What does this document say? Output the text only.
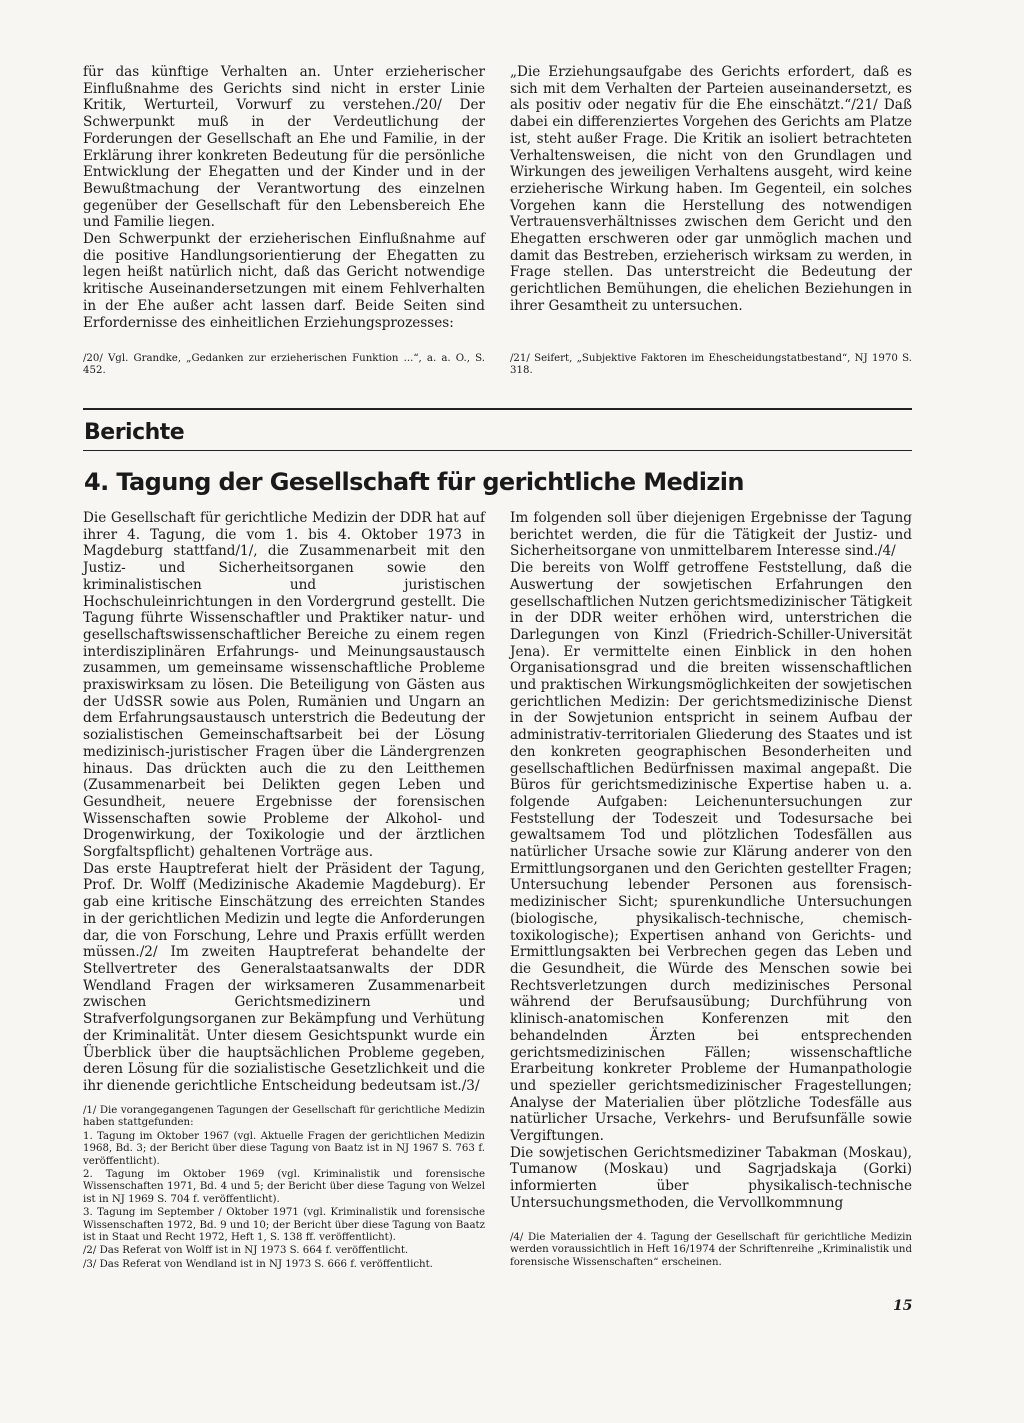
für das künftige Verhalten an. Unter erzieherischer Einflußnahme des Gerichts sind nicht in erster Linie Kritik, Werturteil, Vorwurf zu verstehen./20/ Der Schwerpunkt muß in der Verdeutlichung der Forderungen der Gesellschaft an Ehe und Familie, in der Erklärung ihrer konkreten Bedeutung für die persönliche Entwicklung der Ehegatten und der Kinder und in der Bewußtmachung der Verantwortung des einzelnen gegenüber der Gesellschaft für den Lebensbereich Ehe und Familie liegen.

Den Schwerpunkt der erzieherischen Einflußnahme auf die positive Handlungsorientierung der Ehegatten zu legen heißt natürlich nicht, daß das Gericht notwendige kritische Auseinandersetzungen mit einem Fehlverhalten in der Ehe außer acht lassen darf. Beide Seiten sind Erfordernisse des einheitlichen Erziehungsprozesses:

„Die Erziehungsaufgabe des Gerichts erfordert, daß es sich mit dem Verhalten der Parteien auseinandersetzt, es als positiv oder negativ für die Ehe einschätzt.“/21/ Daß dabei ein differenziertes Vorgehen des Gerichts am Platze ist, steht außer Frage. Die Kritik an isoliert betrachteten Verhaltensweisen, die nicht von den Grundlagen und Wirkungen des jeweiligen Verhaltens ausgeht, wird keine erzieherische Wirkung haben. Im Gegenteil, ein solches Vorgehen kann die Herstellung des notwendigen Vertrauensverhältnisses zwischen dem Gericht und den Ehegatten erschweren oder gar unmöglich machen und damit das Bestreben, erzieherisch wirksam zu werden, in Frage stellen. Das unterstreicht die Bedeutung der gerichtlichen Bemühungen, die ehelichen Beziehungen in ihrer Gesamtheit zu untersuchen.

/20/ Vgl. Grandke, „Gedanken zur erzieherischen Funktion ...“, a. a. O., S. 452.

/21/ Seifert, „Subjektive Faktoren im Ehescheidungstatbestand“, NJ 1970 S. 318.

Berichte
4. Tagung der Gesellschaft für gerichtliche Medizin

Die Gesellschaft für gerichtliche Medizin der DDR hat auf ihrer 4. Tagung, die vom 1. bis 4. Oktober 1973 in Magdeburg stattfand/1/, die Zusammenarbeit mit den Justiz- und Sicherheitsorganen sowie den kriminalistischen und juristischen Hochschuleinrichtungen in den Vordergrund gestellt. Die Tagung führte Wissenschaftler und Praktiker natur- und gesellschaftswissenschaftlicher Bereiche zu einem regen interdisziplinären Erfahrungs- und Meinungsaustausch zusammen, um gemeinsame wissenschaftliche Probleme praxiswirksam zu lösen. Die Beteiligung von Gästen aus der UdSSR sowie aus Polen, Rumänien und Ungarn an dem Erfahrungsaustausch unterstrich die Bedeutung der sozialistischen Gemeinschaftsarbeit bei der Lösung medizinisch-juristischer Fragen über die Ländergrenzen hinaus. Das drückten auch die zu den Leitthemen (Zusammenarbeit bei Delikten gegen Leben und Gesundheit, neuere Ergebnisse der forensischen Wissenschaften sowie Probleme der Alkohol- und Drogenwirkung, der Toxikologie und der ärztlichen Sorgfaltspflicht) gehaltenen Vorträge aus.

Das erste Hauptreferat hielt der Präsident der Tagung, Prof. Dr. Wolff (Medizinische Akademie Magdeburg). Er gab eine kritische Einschätzung des erreichten Standes in der gerichtlichen Medizin und legte die Anforderungen dar, die von Forschung, Lehre und Praxis erfüllt werden müssen./2/ Im zweiten Hauptreferat behandelte der Stellvertreter des Generalstaatsanwalts der DDR Wendland Fragen der wirksameren Zusammenarbeit zwischen Gerichtsmedizinern und Strafverfolgungsorganen zur Bekämpfung und Verhütung der Kriminalität. Unter diesem Gesichtspunkt wurde ein Überblick über die hauptsächlichen Probleme gegeben, deren Lösung für die sozialistische Gesetzlichkeit und die ihr dienende gerichtliche Entscheidung bedeutsam ist./3/

Im folgenden soll über diejenigen Ergebnisse der Tagung berichtet werden, die für die Tätigkeit der Justiz- und Sicherheitsorgane von unmittelbarem Interesse sind./4/

Die bereits von Wolff getroffene Feststellung, daß die Auswertung der sowjetischen Erfahrungen den gesellschaftlichen Nutzen gerichtsmedizinischer Tätigkeit in der DDR weiter erhöhen wird, unterstrichen die Darlegungen von Kinzl (Friedrich-Schiller-Universität Jena). Er vermittelte einen Einblick in den hohen Organisationsgrad und die breiten wissenschaftlichen und praktischen Wirkungsmöglichkeiten der sowjetischen gerichtlichen Medizin: Der gerichtsmedizinische Dienst in der Sowjetunion entspricht in seinem Aufbau der administrativ-territorialen Gliederung des Staates und ist den konkreten geographischen Besonderheiten und gesellschaftlichen Bedürfnissen maximal angepaßt. Die Büros für gerichtsmedizinische Expertise haben u. a. folgende Aufgaben: Leichenuntersuchungen zur Feststellung der Todeszeit und Todesursache bei gewaltsamem Tod und plötzlichen Todesfällen aus natürlicher Ursache sowie zur Klärung anderer von den Ermittlungsorganen und den Gerichten gestellter Fragen; Untersuchung lebender Personen aus forensisch-medizinischer Sicht; spurenkundliche Untersuchungen (biologische, physikalisch-technische, chemisch-toxikologische); Expertisen anhand von Gerichts- und Ermittlungsakten bei Verbrechen gegen das Leben und die Gesundheit, die Würde des Menschen sowie bei Rechtsverletzungen durch medizinisches Personal während der Berufsausübung; Durchführung von klinisch-anatomischen Konferenzen mit den behandelnden Ärzten bei entsprechenden gerichtsmedizinischen Fällen; wissenschaftliche Erarbeitung konkreter Probleme der Humanpathologie und spezieller gerichtsmedizinischer Fragestellungen; Analyse der Materialien über plötzliche Todesfälle aus natürlicher Ursache, Verkehrs- und Berufsunfälle sowie Vergiftungen.

Die sowjetischen Gerichtsmediziner Tabakman (Moskau), Tumanow (Moskau) und Sagrjadskaja (Gorki) informierten über physikalisch-technische Untersuchungsmethoden, die Vervollkommnung

/1/ Die vorangegangenen Tagungen der Gesellschaft für gerichtliche Medizin haben stattgefunden:

1. Tagung im Oktober 1967 (vgl. Aktuelle Fragen der gerichtlichen Medizin 1968, Bd. 3; der Bericht über diese Tagung von Baatz ist in NJ 1967 S. 763 f. veröffentlicht).

2. Tagung im Oktober 1969 (vgl. Kriminalistik und forensische Wissenschaften 1971, Bd. 4 und 5; der Bericht über diese Tagung von Welzel ist in NJ 1969 S. 704 f. veröffentlicht).

3. Tagung im September / Oktober 1971 (vgl. Kriminalistik und forensische Wissenschaften 1972, Bd. 9 und 10; der Bericht über diese Tagung von Baatz ist in Staat und Recht 1972, Heft 1, S. 138 ff. veröffentlicht).

/2/ Das Referat von Wolff ist in NJ 1973 S. 664 f. veröffentlicht.

/3/ Das Referat von Wendland ist in NJ 1973 S. 666 f. veröffentlicht.

/4/ Die Materialien der 4. Tagung der Gesellschaft für gerichtliche Medizin werden voraussichtlich in Heft 16/1974 der Schriftenreihe „Kriminalistik und forensische Wissenschaften“ erscheinen.

15
